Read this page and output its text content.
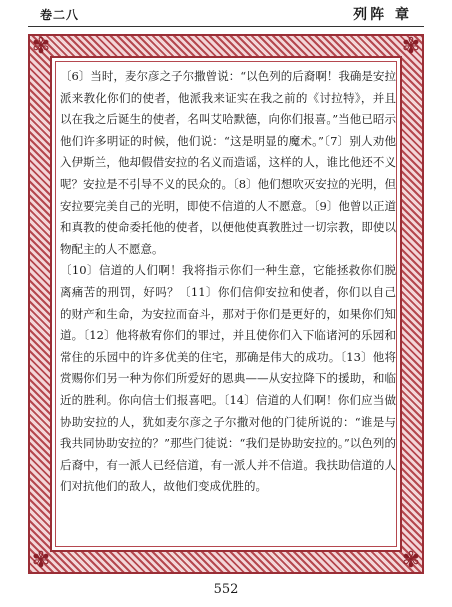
卷二八	列阵 章
✾	✾
✾	✾

〔6〕当时，麦尔彦之子尔撒曾说：“以色列的后裔啊！我确是安拉派来教化你们的使者，他派我来证实在我之前的《讨拉特》，并且以在我之后诞生的使者，名叫艾哈默德，向你们报喜。”当他已昭示他们许多明证的时候，他们说：“这是明显的魔术。”〔7〕别人劝他入伊斯兰，他却假借安拉的名义而造谣，这样的人，谁比他还不义呢？安拉是不引导不义的民众的。〔8〕他们想吹灭安拉的光明，但安拉要完美自己的光明，即使不信道的人不愿意。〔9〕他曾以正道和真教的使命委托他的使者，以便他使真教胜过一切宗教，即使以物配主的人不愿意。

〔10〕信道的人们啊！我将指示你们一种生意，它能拯救你们脱离痛苦的刑罚，好吗？〔11〕你们信仰安拉和使者，你们以自己的财产和生命，为安拉而奋斗，那对于你们是更好的，如果你们知道。〔12〕他将赦宥你们的罪过，并且使你们入下临诸河的乐园和常住的乐园中的许多优美的住宅，那确是伟大的成功。〔13〕他将赏赐你们另一种为你们所爱好的恩典——从安拉降下的援助，和临近的胜利。你向信士们报喜吧。〔14〕信道的人们啊！你们应当做协助安拉的人，犹如麦尔彦之子尔撒对他的门徒所说的：“谁是与我共同协助安拉的？”那些门徒说：“我们是协助安拉的。”以色列的后裔中，有一派人已经信道，有一派人并不信道。我扶助信道的人们对抗他们的敌人，故他们变成优胜的。

552
